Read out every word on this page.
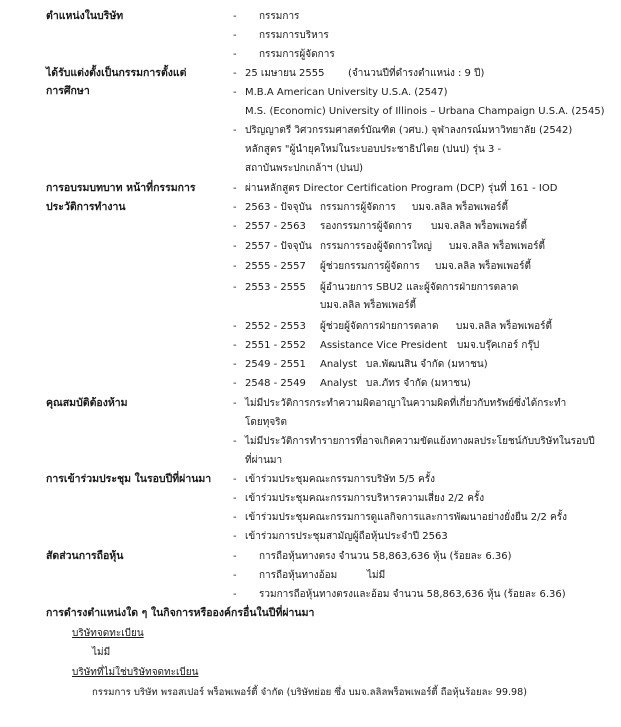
ตำแหน่งในบริษัท	- กรรมการ
- กรรมการบริหาร
- กรรมการผู้จัดการ
ได้รับแต่งตั้งเป็นกรรมการตั้งแต่	- 25 เมษายน 2555 (จำนวนปีที่ดำรงตำแหน่ง : 9 ปี)
การศึกษา	- M.B.A American University U.S.A. (2547)
M.S. (Economic) University of Illinois – Urbana Champaign U.S.A. (2545)
- ปริญญาตรี วิศวกรรมศาสตร์บัณฑิต (วศบ.) จุฬาลงกรณ์มหาวิทยาลัย (2542)
หลักสูตร "ผู้นำยุคใหม่ในระบอบประชาธิปไตย (ปนป) รุ่น 3 -
สถาบันพระปกเกล้าฯ (ปนป)
การอบรมบทบาท หน้าที่กรรมการ	- ผ่านหลักสูตร Director Certification Program (DCP) รุ่นที่ 161 - IOD
ประวัติการทำงาน	- 2563 - ปัจจุบัน กรรมการผู้จัดการ บมจ.ลลิล พร็อพเพอร์ตี้
- 2557 - 2563 รองกรรมการผู้จัดการ บมจ.ลลิล พร็อพเพอร์ตี้
- 2557 - ปัจจุบัน กรรมการรองผู้จัดการใหญ่ บมจ.ลลิล พร็อพเพอร์ตี้
- 2555 - 2557 ผู้ช่วยกรรมการผู้จัดการ บมจ.ลลิล พร็อพเพอร์ตี้
- 2553 - 2555 ผู้อำนวยการ SBU2 และผู้จัดการฝ่ายการตลาด
บมจ.ลลิล พร็อพเพอร์ตี้
- 2552 - 2553 ผู้ช่วยผู้จัดการฝ่ายการตลาด บมจ.ลลิล พร็อพเพอร์ตี้
- 2551 - 2552 Assistance Vice President บมจ.บรุ๊คเกอร์ กรุ๊ป
- 2549 - 2551 Analyst บล.พัฒนสิน จำกัด (มหาชน)
- 2548 - 2549 Analyst บล.ภัทร จำกัด (มหาชน)
คุณสมบัติต้องห้าม	- ไม่มีประวัติการกระทำความผิดอาญาในความผิดที่เกี่ยวกับทรัพย์ซึ่งได้กระทำ
โดยทุจริต
- ไม่มีประวัติการทำรายการที่อาจเกิดความขัดแย้งทางผลประโยชน์กับบริษัทในรอบปี
ที่ผ่านมา
การเข้าร่วมประชุม ในรอบปีที่ผ่านมา - เข้าร่วมประชุมคณะกรรมการบริษัท 5/5 ครั้ง
- เข้าร่วมประชุมคณะกรรมการบริหารความเสี่ยง 2/2 ครั้ง
- เข้าร่วมประชุมคณะกรรมการดูแลกิจการและการพัฒนาอย่างยั่งยืน 2/2 ครั้ง
- เข้าร่วมการประชุมสามัญผู้ถือหุ้นประจำปี 2563
สัดส่วนการถือหุ้น	- การถือหุ้นทางตรง จำนวน 58,863,636 หุ้น (ร้อยละ 6.36)
- การถือหุ้นทางอ้อม	ไม่มี
- รวมการถือหุ้นทางตรงและอ้อม จำนวน 58,863,636 หุ้น (ร้อยละ 6.36)
การดำรงตำแหน่งใด ๆ ในกิจการหรือองค์กรอื่นในปีที่ผ่านมา
บริษัทจดทะเบียน
ไม่มี
บริษัทที่ไม่ใช่บริษัทจดทะเบียน
กรรมการ บริษัท พรอสเปอร์ พร็อพเพอร์ตี้ จำกัด (บริษัทย่อย ซึ่ง บมจ.ลลิลพร็อพเพอร์ตี้ ถือหุ้นร้อยละ 99.98)
